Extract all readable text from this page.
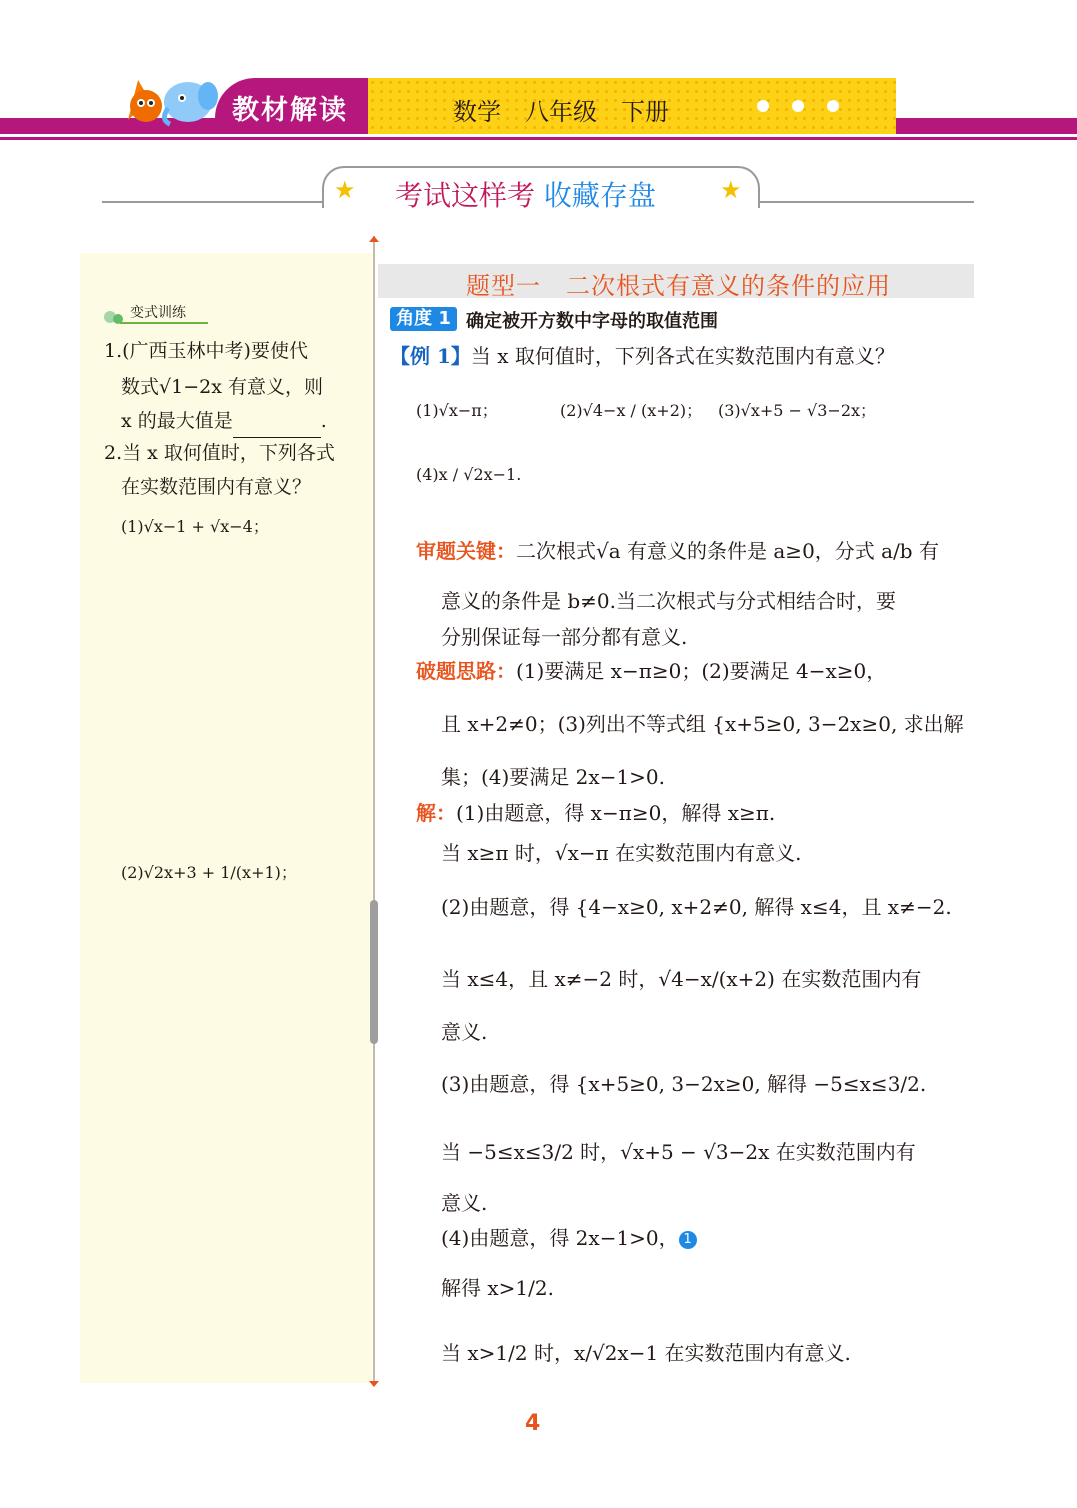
教材解读	数学　八年级　下册
★	★
考试这样考 收藏存盘
变式训练
1.(广西玉林中考)要使代
数式√1−2x 有意义，则
x 的最大值是	.
2.当 x 取何值时，下列各式
在实数范围内有意义？
(1)√x−1 + √x−4；
(2)√2x+3 + 1/(x+1)；
题型一　二次根式有意义的条件的应用
角度 1 确定被开方数中字母的取值范围
【例 1】当 x 取何值时，下列各式在实数范围内有意义？
(1)√x−π；	(2)√4−x / (x+2)； (3)√x+5 − √3−2x；
(4)x / √2x−1.
审题关键：二次根式√a 有意义的条件是 a≥0，分式 a/b 有
意义的条件是 b≠0.当二次根式与分式相结合时，要
分别保证每一部分都有意义.
破题思路：(1)要满足 x−π≥0；(2)要满足 4−x≥0，
且 x+2≠0；(3)列出不等式组 {x+5≥0, 3−2x≥0, 求出解
集；(4)要满足 2x−1>0.
解：(1)由题意，得 x−π≥0，解得 x≥π.
当 x≥π 时，√x−π 在实数范围内有意义.
(2)由题意，得 {4−x≥0, x+2≠0, 解得 x≤4，且 x≠−2.
当 x≤4，且 x≠−2 时，√4−x/(x+2) 在实数范围内有
意义.
(3)由题意，得 {x+5≥0, 3−2x≥0, 解得 −5≤x≤3/2.
当 −5≤x≤3/2 时，√x+5 − √3−2x 在实数范围内有
意义.
(4)由题意，得 2x−1>0， 1
解得 x>1/2.
当 x>1/2 时，x/√2x−1 在实数范围内有意义.
4
